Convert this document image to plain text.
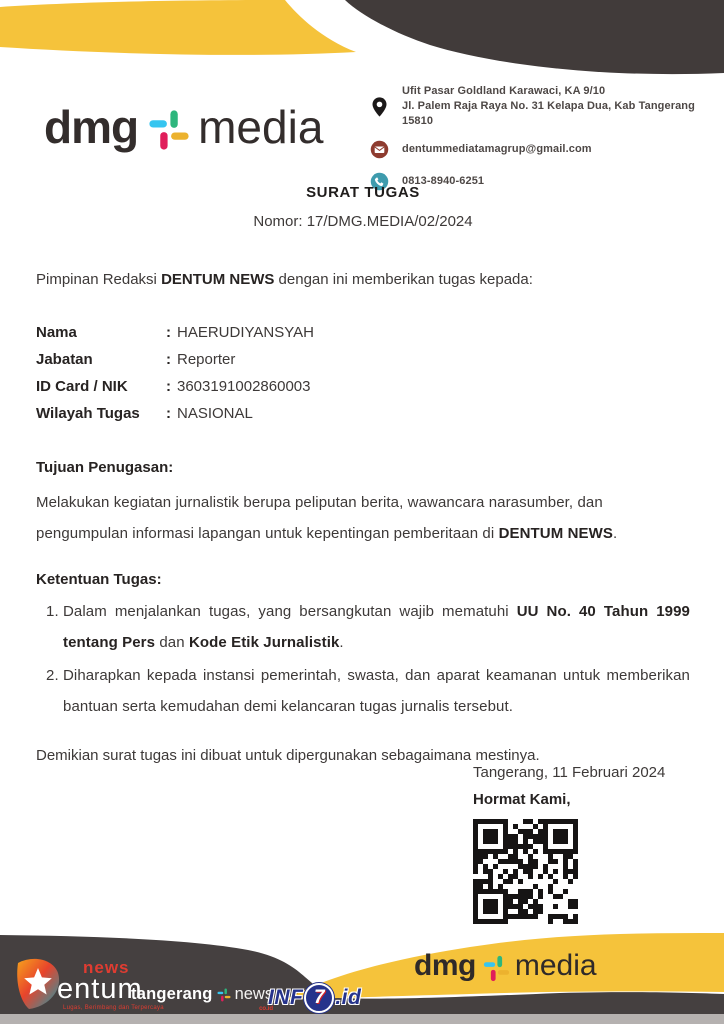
dmg media
Ufit Pasar Goldland Karawaci, KA 9/10
Jl. Palem Raja Raya No. 31 Kelapa Dua, Kab Tangerang 15810
dentummediatamagrup@gmail.com
0813-8940-6251
SURAT TUGAS
Nomor: 17/DMG.MEDIA/02/2024

Pimpinan Redaksi DENTUM NEWS dengan ini memberikan tugas kepada:

Nama	: HAERUDIYANSYAH
Jabatan	: Reporter
ID Card / NIK	: 3603191002860003
Wilayah Tugas	: NASIONAL
Tujuan Penugasan:

Melakukan kegiatan jurnalistik berupa peliputan berita, wawancara narasumber, dan pengumpulan informasi lapangan untuk kepentingan pemberitaan di DENTUM NEWS.

Ketentuan Tugas:
1. Dalam menjalankan tugas, yang bersangkutan wajib mematuhi UU No. 40 Tahun 1999 tentang Pers dan Kode Etik Jurnalistik.
2. Diharapkan kepada instansi pemerintah, swasta, dan aparat keamanan untuk memberikan bantuan serta kemudahan demi kelancaran tugas jurnalis tersebut.

Demikian surat tugas ini dibuat untuk dipergunakan sebagaimana mestinya.

Tangerang, 11 Februari 2024
Hormat Kami,
news
entum
Lugas, Berimbang dan Terpercaya
tangerang news
co.id
INF 7 .id
dmg media
